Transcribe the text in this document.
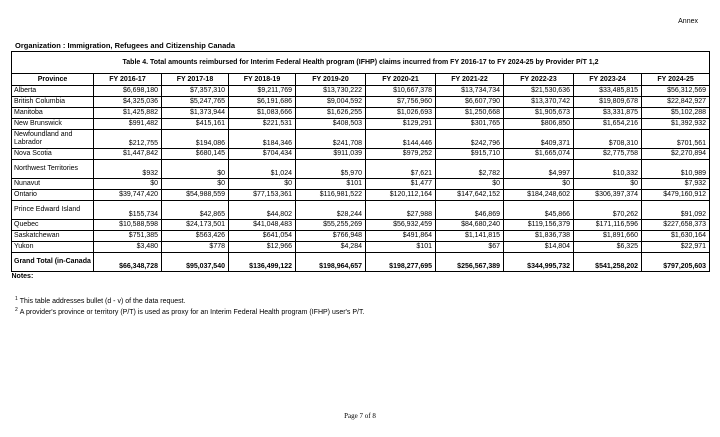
Annex
Organization : Immigration, Refugees and Citizenship Canada
Table 4. Total amounts reimbursed for Interim Federal Health program (IFHP) claims incurred from FY 2016-17 to FY 2024-25 by Provider P/T 1,2									
Province	FY 2016-17	FY 2017-18	FY 2018-19	FY 2019-20	FY 2020-21	FY 2021-22	FY 2022-23	FY 2023-24	FY 2024-25
Alberta	$6,698,180	$7,357,310	$9,211,769	$13,730,222	$10,667,378	$13,734,734	$21,530,636	$33,485,815	$56,312,569
British Columbia	$4,325,036	$5,247,765	$6,191,686	$9,004,592	$7,756,960	$6,607,790	$13,370,742	$19,809,678	$22,842,927
Manitoba	$1,425,882	$1,373,944	$1,083,666	$1,626,255	$1,026,693	$1,250,668	$1,905,673	$3,331,875	$5,102,288
New Brunswick	$991,482	$415,161	$221,531	$408,503	$129,291	$301,765	$806,850	$1,654,216	$1,392,932
Newfoundland and Labrador	$212,755	$194,086	$184,346	$241,708	$144,446	$242,796	$409,371	$708,310	$701,561
Nova Scotia	$1,447,842	$680,145	$704,434	$911,039	$979,252	$915,710	$1,665,074	$2,775,758	$2,270,894
Northwest Territories	$932	$0	$1,024	$5,970	$7,621	$2,782	$4,997	$10,332	$10,989
Nunavut	$0	$0	$0	$101	$1,477	$0	$0	$0	$7,932
Ontario	$39,747,420	$54,988,559	$77,153,361	$116,981,522	$120,112,164	$147,642,152	$184,248,602	$306,397,374	$479,160,912
Prince Edward Island	$155,734	$42,865	$44,802	$28,244	$27,988	$46,869	$45,866	$70,262	$91,092
Quebec	$10,588,598	$24,173,501	$41,048,483	$55,255,269	$56,932,459	$84,680,240	$119,156,379	$171,116,596	$227,658,373
Saskatchewan	$751,385	$563,426	$641,054	$766,948	$491,864	$1,141,815	$1,836,738	$1,891,660	$1,630,164
Yukon	$3,480	$778	$12,966	$4,284	$101	$67	$14,804	$6,325	$22,971
Grand Total (in-Canada	$66,348,728	$95,037,540	$136,499,122	$198,964,657	$198,277,695	$256,567,389	$344,995,732	$541,258,202	$797,205,603
Notes:									
$^1$ This table addresses bullet (d - v) of the data request.
$^2$ A provider's province or territory (P/T) is used as proxy for an Interim Federal Health program (IFHP) user's P/T.
Page 7 of 8
